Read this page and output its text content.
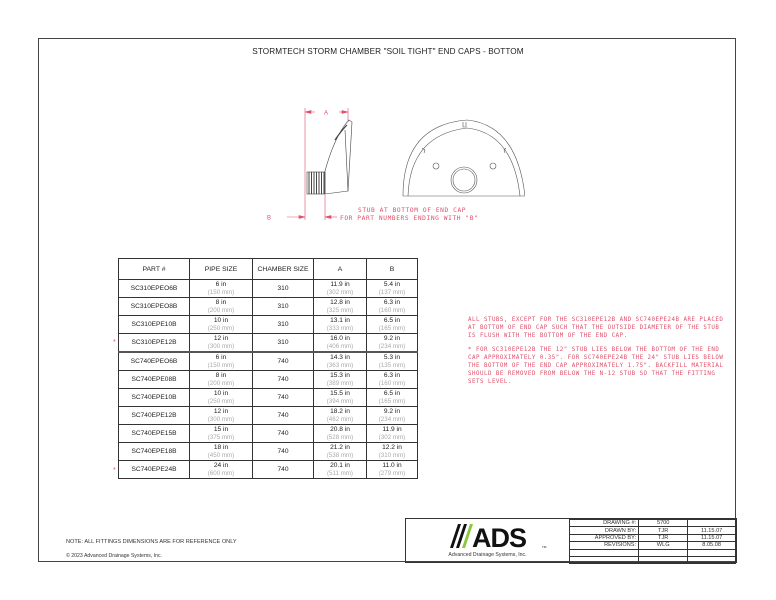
STORMTECH STORM CHAMBER "SOIL TIGHT" END CAPS - BOTTOM
A
B
STUB AT BOTTOM OF END CAP
FOR PART NUMBERS ENDING WITH "B"
PART #	PIPE SIZE	CHAMBER SIZE	A	B
SC310EPEO6B	6 in
(150 mm)	310	11.9 in
(302 mm)	5.4 in
(137 mm)

SC310EPEO8B	8 in
(200 mm)	310	12.8 in
(325 mm)	6.3 in
(160 mm)

SC310EPE10B	10 in
(250 mm)	310	13.1 in
(333 mm)	6.5 in
(165 mm)

SC310EPE12B	12 in
(300 mm)	310	16.0 in
(406 mm)	9.2 in
(234 mm)

SC740EPEO6B	6 in
(150 mm)	740	14.3 in
(363 mm)	5.3 in
(135 mm)

SC740EPE08B	8 in
(200 mm)	740	15.3 in
(389 mm)	6.3 in
(160 mm)

SC740EPE10B	10 in
(250 mm)	740	15.5 in
(394 mm)	6.5 in
(165 mm)

SC740EPE12B	12 in
(300 mm)	740	18.2 in
(462 mm)	9.2 in
(234 mm)

SC740EPE15B	15 in
(375 mm)	740	20.8 in
(528 mm)	11.9 in
(302 mm)

SC740EPE18B	18 in
(450 mm)	740	21.2 in
(538 mm)	12.2 in
(310 mm)

SC740EPE24B	24 in
(600 mm)	740	20.1 in
(511 mm)	11.0 in
(279 mm)
*
*

ALL STUBS, EXCEPT FOR THE SC310EPE12B AND SC740EPE24B ARE PLACED AT BOTTOM OF END CAP SUCH THAT THE OUTSIDE DIAMETER OF THE STUB IS FLUSH WITH THE BOTTOM OF THE END CAP.

* FOR SC310EPE12B THE 12" STUB LIES BELOW THE BOTTOM OF THE END CAP APPROXIMATELY 0.35". FOR SC740EPE24B THE 24" STUB LIES BELOW THE BOTTOM OF THE END CAP APPROXIMATELY 1.75". BACKFILL MATERIAL SHOULD BE REMOVED FROM BELOW THE N-12 STUB SO THAT THE FITTING SETS LEVEL.

NOTE: ALL FITTINGS DIMENSIONS ARE FOR REFERENCE ONLY
© 2023 Advanced Drainage Systems, Inc.
ADS	TM
Advanced Drainage Systems, Inc.
DRAWING #:	5700	
DRAWN BY:	TJR	11.15.07
APPROVED BY:	TJR	11.15.07
REVISIONS:	WLG	8.05.08
